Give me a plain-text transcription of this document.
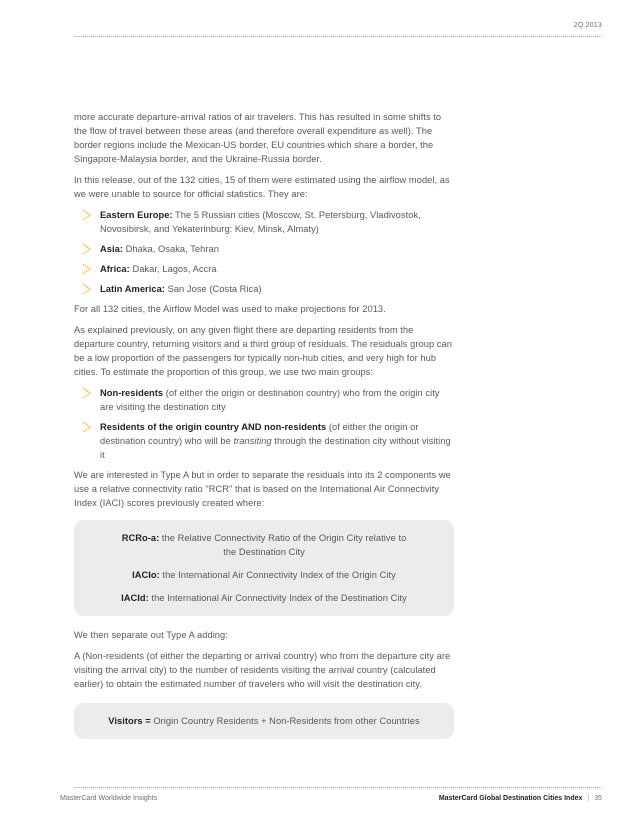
2Q 2013

more accurate departure-arrival ratios of air travelers. This has resulted in some shifts to the flow of travel between these areas (and therefore overall expenditure as well). The border regions include the Mexican-US border, EU countries which share a border, the Singapore-Malaysia border, and the Ukraine-Russia border.

In this release, out of the 132 cities, 15 of them were estimated using the airflow model, as we were unable to source for official statistics. They are:

Eastern Europe: The 5 Russian cities (Moscow, St. Petersburg, Vladivostok, Novosibirsk, and Yekaterinburg: Kiev, Minsk, Almaty)
Asia: Dhaka, Osaka, Tehran
Africa: Dakar, Lagos, Accra
Latin America: San Jose (Costa Rica)

For all 132 cities, the Airflow Model was used to make projections for 2013.

As explained previously, on any given flight there are departing residents from the departure country, returning visitors and a third group of residuals. The residuals group can be a low proportion of the passengers for typically non-hub cities, and very high for hub cities. To estimate the proportion of this group, we use two main groups:

Non-residents (of either the origin or destination country) who from the origin city are visiting the destination city
Residents of the origin country AND non-residents (of either the origin or destination country) who will be transiting through the destination city without visiting it

We are interested in Type A but in order to separate the residuals into its 2 components we use a relative connectivity ratio "RCR" that is based on the International Air Connectivity Index (IACI) scores previously created where:

RCRo-a: the Relative Connectivity Ratio of the Origin City relative to the Destination City
IACIo: the International Air Connectivity Index of the Origin City
IACId: the International Air Connectivity Index of the Destination City

We then separate out Type A adding:

A (Non-residents (of either the departing or arrival country) who from the departure city are visiting the arrival city) to the number of residents visiting the arrival country (calculated earlier) to obtain the estimated number of travelers who will visit the destination city.

Visitors = Origin Country Residents + Non-Residents from other Countries
MasterCard Worldwide Insights	MasterCard Global Destination Cities Index | 35
